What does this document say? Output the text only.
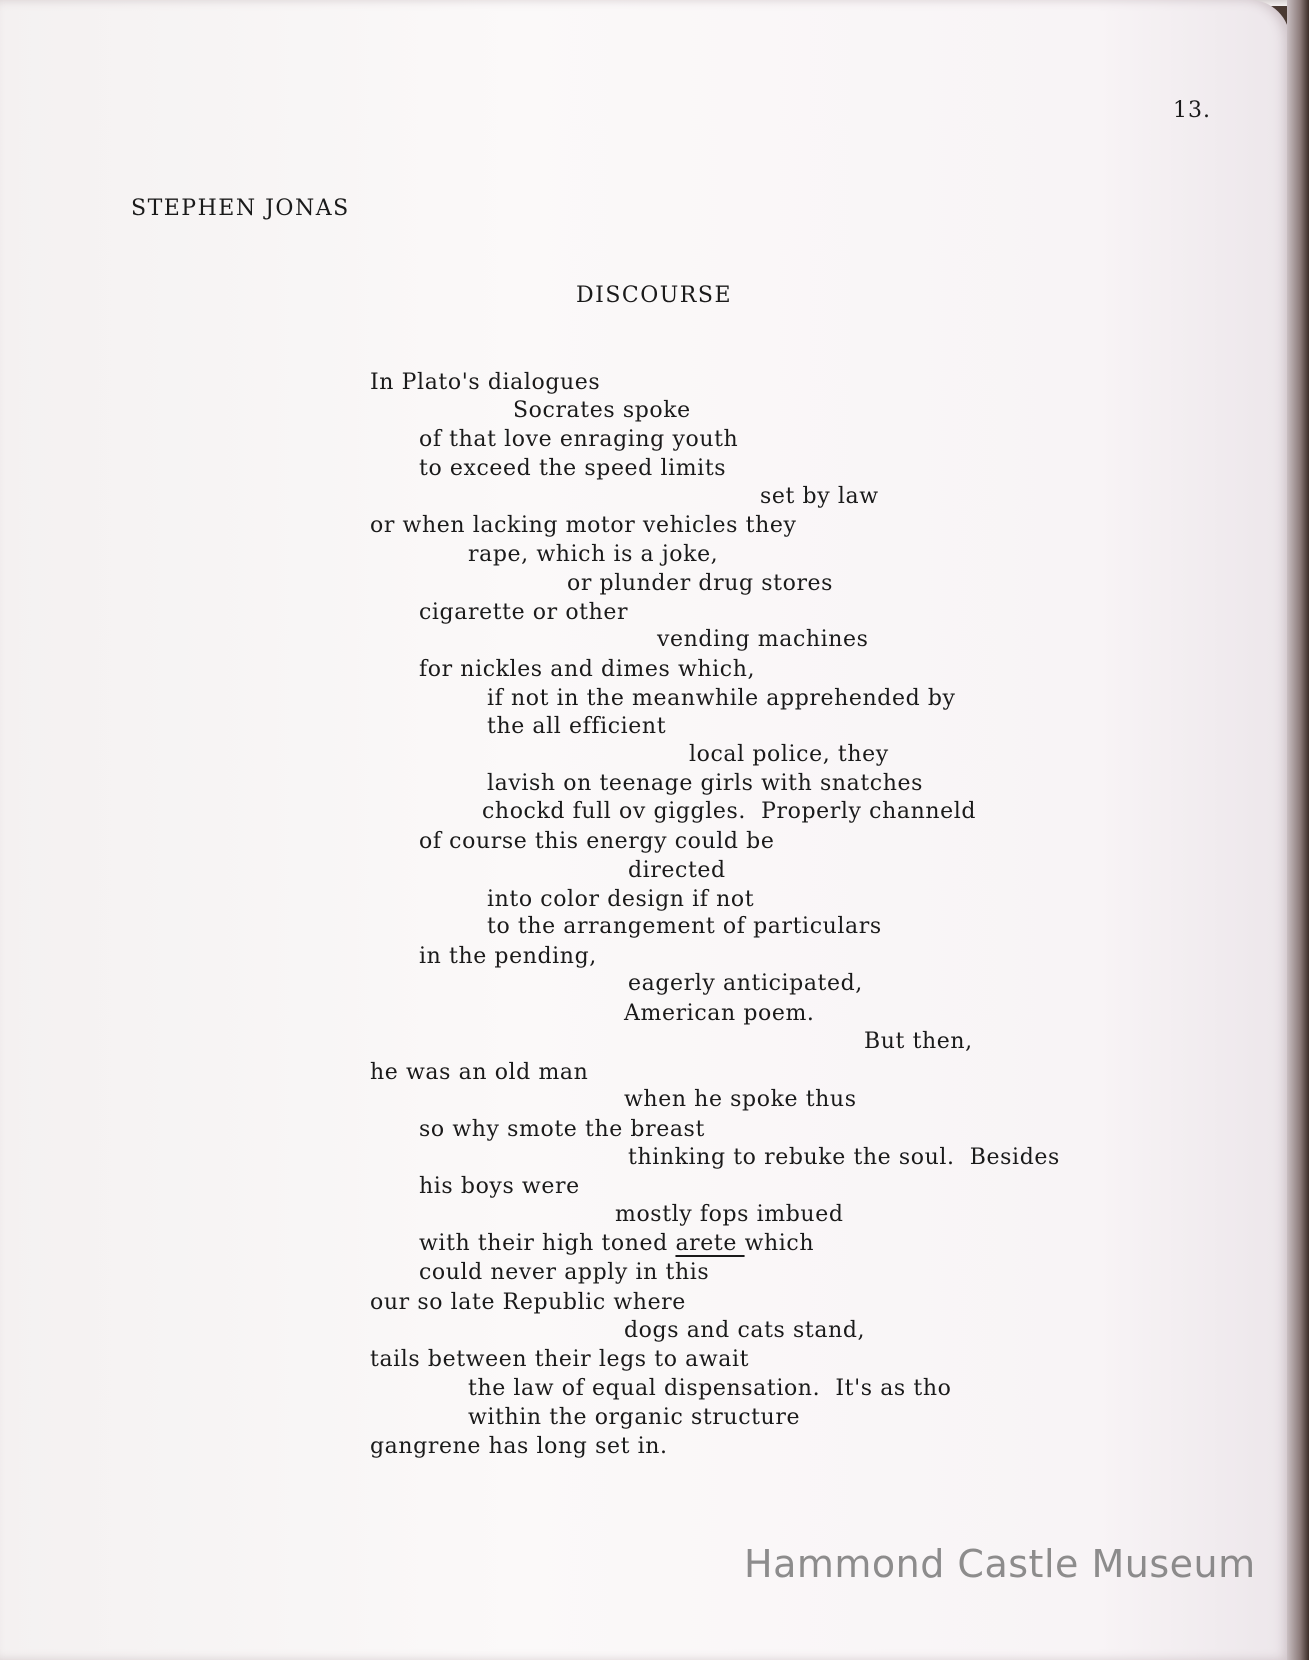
13.
STEPHEN JONAS
DISCOURSE
In Plato's dialogues
Socrates spoke
of that love enraging youth
to exceed the speed limits
set by law
or when lacking motor vehicles they
rape, which is a joke,
or plunder drug stores
cigarette or other
vending machines
for nickles and dimes which,
if not in the meanwhile apprehended by
the all efficient
local police, they
lavish on teenage girls with snatches
chockd full ov giggles.  Properly channeld
of course this energy could be
directed
into color design if not
to the arrangement of particulars
in the pending,
eagerly anticipated,
American poem.
But then,
he was an old man
when he spoke thus
so why smote the breast
thinking to rebuke the soul.  Besides
his boys were
mostly fops imbued
with their high toned arete which
could never apply in this
our so late Republic where
dogs and cats stand,
tails between their legs to await
the law of equal dispensation.  It's as tho
within the organic structure
gangrene has long set in.
Hammond Castle Museum
